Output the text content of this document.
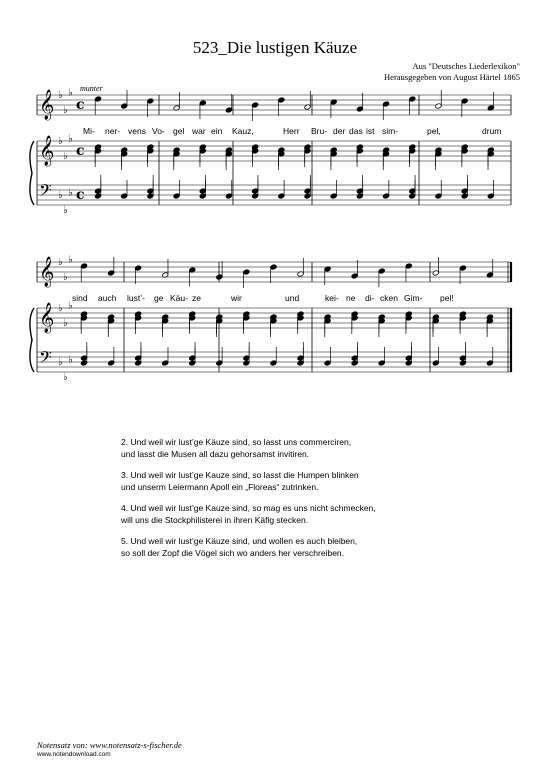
523_Die lustigen Käuze
Aus "Deutsches Liederlexikon"
Herausgegeben von August Härtel 1865
munter
𝄞
𝄞
𝄢
♭
♭
♭
♭
♭
♭
♭
♭
♭
c
c
c
𝄞
𝄞
𝄢
♭
♭
♭
♭
♭
♭
♭
♭
♭
Mi- ner- vens Vo- gel war ein Kauz,	Herr Bru- der das ist sim-	pel,	drum
sind auch lust’- ge Käu- ze	wir	und	kei- ne di- cken Gim- pel!
2. Und weil wir lust’ge Käuze sind, so lasst uns commerciren,
und lasst die Musen all dazu gehorsamst invitiren.
3. Und weil wir lust’ge Kauze sind, so lasst die Humpen blinken
und unserm Leiermann Apoll ein „Floreas“ zutrinken.
4. Und weil wir lust’ge Kauze sind, so mag es uns nicht schmecken,
will uns die Stockphilisterei in ihren Käfig stecken.
5. Und weil wir lust’ge Käuze sind, und wollen es auch bleiben,
so soll der Zopf die Vögel sich wo anders her verschreiben.
Notensatz von: www.notensatz-s-fischer.de
www.notendownload.com
